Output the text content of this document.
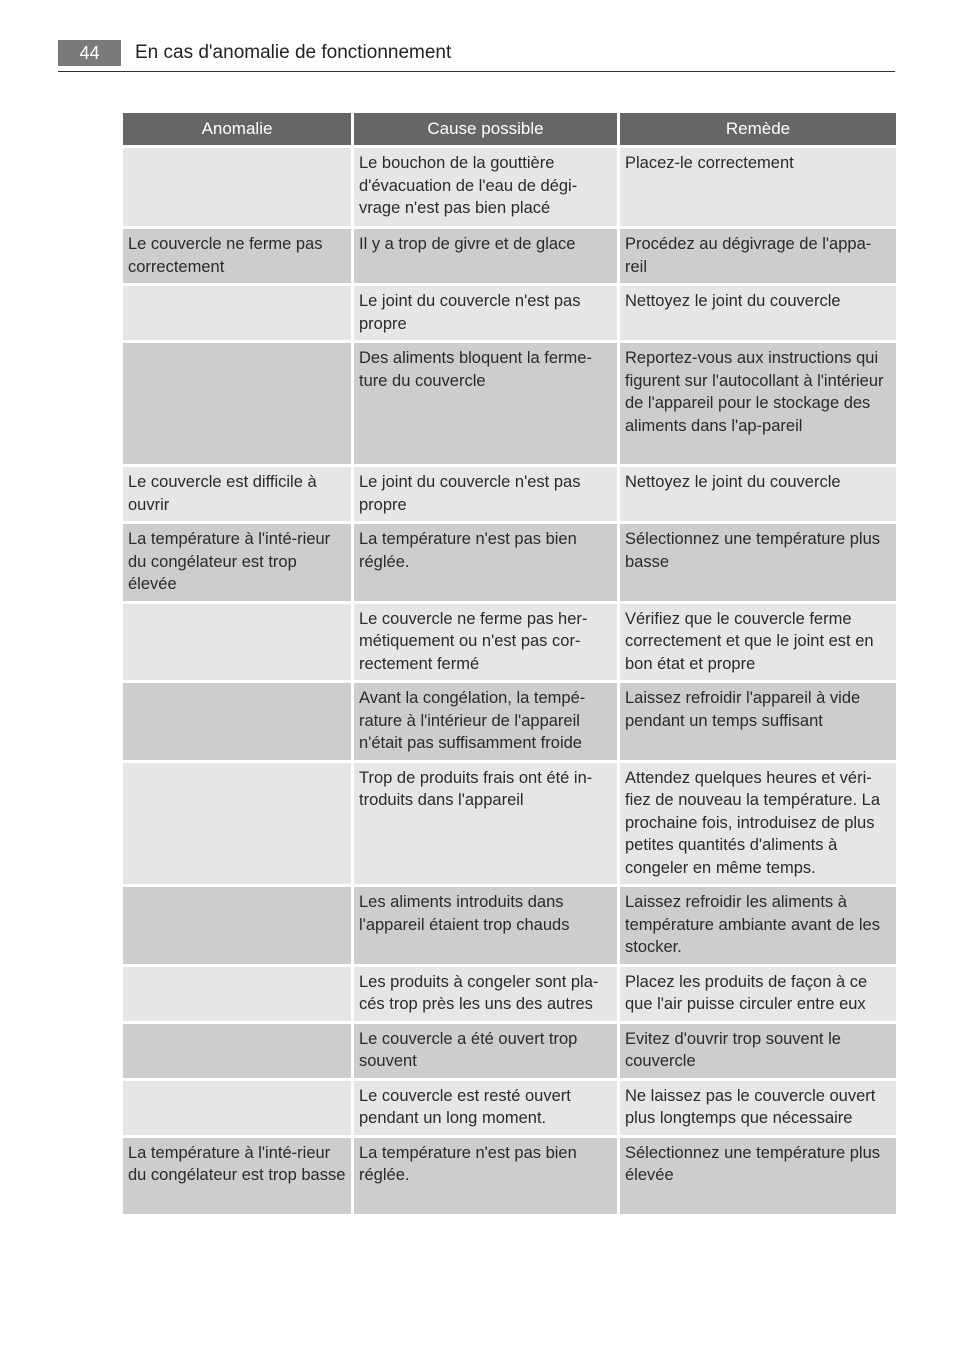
44	En cas d'anomalie de fonctionnement
Anomalie	Cause possible	Remède
	Le bouchon de la gouttière d'évacuation de l'eau de dégi-vrage n'est pas bien placé	Placez-le correctement
Le couvercle ne ferme pas correctement	Il y a trop de givre et de glace	Procédez au dégivrage de l'appa-reil
	Le joint du couvercle n'est pas propre	Nettoyez le joint du couvercle
	Des aliments bloquent la ferme-ture du couvercle	Reportez-vous aux instructions qui figurent sur l'autocollant à l'intérieur de l'appareil pour le stockage des aliments dans l'ap-pareil
Le couvercle est difficile à ouvrir	Le joint du couvercle n'est pas propre	Nettoyez le joint du couvercle
La température à l'inté-rieur du congélateur est trop élevée	La température n'est pas bien réglée.	Sélectionnez une température plus basse
	Le couvercle ne ferme pas her-métiquement ou n'est pas cor-rectement fermé	Vérifiez que le couvercle ferme correctement et que le joint est en bon état et propre
	Avant la congélation, la tempé-rature à l'intérieur de l'appareil n'était pas suffisamment froide	Laissez refroidir l'appareil à vide pendant un temps suffisant
	Trop de produits frais ont été in-troduits dans l'appareil	Attendez quelques heures et véri-fiez de nouveau la température. La prochaine fois, introduisez de plus petites quantités d'aliments à congeler en même temps.
	Les aliments introduits dans l'appareil étaient trop chauds	Laissez refroidir les aliments à température ambiante avant de les stocker.
	Les produits à congeler sont pla-cés trop près les uns des autres	Placez les produits de façon à ce que l'air puisse circuler entre eux
	Le couvercle a été ouvert trop souvent	Evitez d'ouvrir trop souvent le couvercle
	Le couvercle est resté ouvert pendant un long moment.	Ne laissez pas le couvercle ouvert plus longtemps que nécessaire
La température à l'inté-rieur du congélateur est trop basse	La température n'est pas bien réglée.	Sélectionnez une température plus élevée
